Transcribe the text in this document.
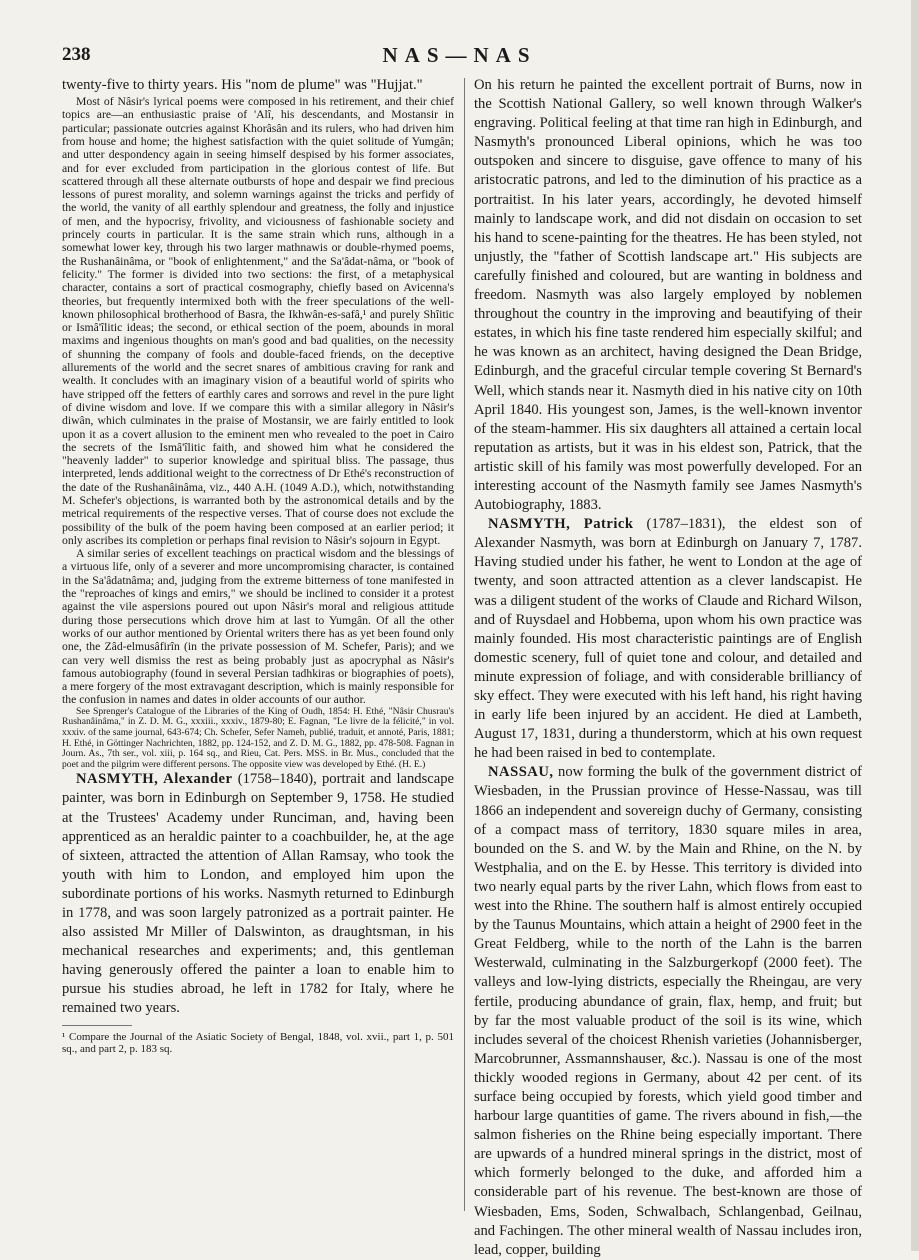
238	NAS—NAS

twenty-five to thirty years. His "nom de plume" was "Hujjat."

Most of Nâsir's lyrical poems were composed in his retirement, and their chief topics are—an enthusiastic praise of 'Alî, his descendants, and Mostansir in particular; passionate outcries against Khorâsân and its rulers, who had driven him from house and home; the highest satisfaction with the quiet solitude of Yumgân; and utter despondency again in seeing himself despised by his former associates, and for ever excluded from participation in the glorious contest of life. But scattered through all these alternate outbursts of hope and despair we find precious lessons of purest morality, and solemn warnings against the tricks and perfidy of the world, the vanity of all earthly splendour and greatness, the folly and injustice of men, and the hypocrisy, frivolity, and viciousness of fashionable society and princely courts in particular. It is the same strain which runs, although in a somewhat lower key, through his two larger mathnawis or double-rhymed poems, the Rushanâinâma, or "book of enlightenment," and the Sa'âdat-nâma, or "book of felicity." The former is divided into two sections: the first, of a metaphysical character, contains a sort of practical cosmography, chiefly based on Avicenna's theories, but frequently intermixed both with the freer speculations of the well-known philosophical brotherhood of Basra, the Ikhwân-es-safâ,¹ and purely Shîitic or Ismâ'îlitic ideas; the second, or ethical section of the poem, abounds in moral maxims and ingenious thoughts on man's good and bad qualities, on the necessity of shunning the company of fools and double-faced friends, on the deceptive allurements of the world and the secret snares of ambitious craving for rank and wealth. It concludes with an imaginary vision of a beautiful world of spirits who have stripped off the fetters of earthly cares and sorrows and revel in the pure light of divine wisdom and love. If we compare this with a similar allegory in Nâsir's diwân, which culminates in the praise of Mostansir, we are fairly entitled to look upon it as a covert allusion to the eminent men who revealed to the poet in Cairo the secrets of the Ismâ'îlitic faith, and showed him what he considered the "heavenly ladder" to superior knowledge and spiritual bliss. The passage, thus interpreted, lends additional weight to the correctness of Dr Ethé's reconstruction of the date of the Rushanâinâma, viz., 440 A.H. (1049 A.D.), which, notwithstanding M. Schefer's objections, is warranted both by the astronomical details and by the metrical requirements of the respective verses. That of course does not exclude the possibility of the bulk of the poem having been composed at an earlier period; it only ascribes its completion or perhaps final revision to Nâsir's sojourn in Egypt.

A similar series of excellent teachings on practical wisdom and the blessings of a virtuous life, only of a severer and more uncompromising character, is contained in the Sa'âdatnâma; and, judging from the extreme bitterness of tone manifested in the "reproaches of kings and emirs," we should be inclined to consider it a protest against the vile aspersions poured out upon Nâsir's moral and religious attitude during those persecutions which drove him at last to Yumgân. Of all the other works of our author mentioned by Oriental writers there has as yet been found only one, the Zâd-elmusâfirîn (in the private possession of M. Schefer, Paris); and we can very well dismiss the rest as being probably just as apocryphal as Nâsir's famous autobiography (found in several Persian tadhkiras or biographies of poets), a mere forgery of the most extravagant description, which is mainly responsible for the confusion in names and dates in older accounts of our author.

See Sprenger's Catalogue of the Libraries of the King of Oudh, 1854: H. Ethé, "Nâsir Chusrau's Rushanâinâma," in Z. D. M. G., xxxiii., xxxiv., 1879-80; E. Fagnan, "Le livre de la félicité," in vol. xxxiv. of the same journal, 643-674; Ch. Schefer, Sefer Nameh, publié, traduit, et annoté, Paris, 1881; H. Ethé, in Göttinger Nachrichten, 1882, pp. 124-152, and Z. D. M. G., 1882, pp. 478-508. Fagnan in Journ. As., 7th ser., vol. xiii, p. 164 sq., and Rieu, Cat. Pers. MSS. in Br. Mus., concluded that the poet and the pilgrim were different persons. The opposite view was developed by Ethé. (H. E.)

NASMYTH, Alexander (1758–1840), portrait and landscape painter, was born in Edinburgh on September 9, 1758. He studied at the Trustees' Academy under Runciman, and, having been apprenticed as an heraldic painter to a coachbuilder, he, at the age of sixteen, attracted the attention of Allan Ramsay, who took the youth with him to London, and employed him upon the subordinate portions of his works. Nasmyth returned to Edinburgh in 1778, and was soon largely patronized as a portrait painter. He also assisted Mr Miller of Dalswinton, as draughtsman, in his mechanical researches and experiments; and, this gentleman having generously offered the painter a loan to enable him to pursue his studies abroad, he left in 1782 for Italy, where he remained two years.

¹ Compare the Journal of the Asiatic Society of Bengal, 1848, vol. xvii., part 1, p. 501 sq., and part 2, p. 183 sq.

On his return he painted the excellent portrait of Burns, now in the Scottish National Gallery, so well known through Walker's engraving. Political feeling at that time ran high in Edinburgh, and Nasmyth's pronounced Liberal opinions, which he was too outspoken and sincere to disguise, gave offence to many of his aristocratic patrons, and led to the diminution of his practice as a portraitist. In his later years, accordingly, he devoted himself mainly to landscape work, and did not disdain on occasion to set his hand to scene-painting for the theatres. He has been styled, not unjustly, the "father of Scottish landscape art." His subjects are carefully finished and coloured, but are wanting in boldness and freedom. Nasmyth was also largely employed by noblemen throughout the country in the improving and beautifying of their estates, in which his fine taste rendered him especially skilful; and he was known as an architect, having designed the Dean Bridge, Edinburgh, and the graceful circular temple covering St Bernard's Well, which stands near it. Nasmyth died in his native city on 10th April 1840. His youngest son, James, is the well-known inventor of the steam-hammer. His six daughters all attained a certain local reputation as artists, but it was in his eldest son, Patrick, that the artistic skill of his family was most powerfully developed. For an interesting account of the Nasmyth family see James Nasmyth's Autobiography, 1883.

NASMYTH, Patrick (1787–1831), the eldest son of Alexander Nasmyth, was born at Edinburgh on January 7, 1787. Having studied under his father, he went to London at the age of twenty, and soon attracted attention as a clever landscapist. He was a diligent student of the works of Claude and Richard Wilson, and of Ruysdael and Hobbema, upon whom his own practice was mainly founded. His most characteristic paintings are of English domestic scenery, full of quiet tone and colour, and detailed and minute expression of foliage, and with considerable brilliancy of sky effect. They were executed with his left hand, his right having in early life been injured by an accident. He died at Lambeth, August 17, 1831, during a thunderstorm, which at his own request he had been raised in bed to contemplate.

NASSAU, now forming the bulk of the government district of Wiesbaden, in the Prussian province of Hesse-Nassau, was till 1866 an independent and sovereign duchy of Germany, consisting of a compact mass of territory, 1830 square miles in area, bounded on the S. and W. by the Main and Rhine, on the N. by Westphalia, and on the E. by Hesse. This territory is divided into two nearly equal parts by the river Lahn, which flows from east to west into the Rhine. The southern half is almost entirely occupied by the Taunus Mountains, which attain a height of 2900 feet in the Great Feldberg, while to the north of the Lahn is the barren Westerwald, culminating in the Salzburgerkopf (2000 feet). The valleys and low-lying districts, especially the Rheingau, are very fertile, producing abundance of grain, flax, hemp, and fruit; but by far the most valuable product of the soil is its wine, which includes several of the choicest Rhenish varieties (Johannisberger, Marcobrunner, Assmannshauser, &c.). Nassau is one of the most thickly wooded regions in Germany, about 42 per cent. of its surface being occupied by forests, which yield good timber and harbour large quantities of game. The rivers abound in fish,—the salmon fisheries on the Rhine being especially important. There are upwards of a hundred mineral springs in the district, most of which formerly belonged to the duke, and afforded him a considerable part of his revenue. The best-known are those of Wiesbaden, Ems, Soden, Schwalbach, Schlangenbad, Geilnau, and Fachingen. The other mineral wealth of Nassau includes iron, lead, copper, building
